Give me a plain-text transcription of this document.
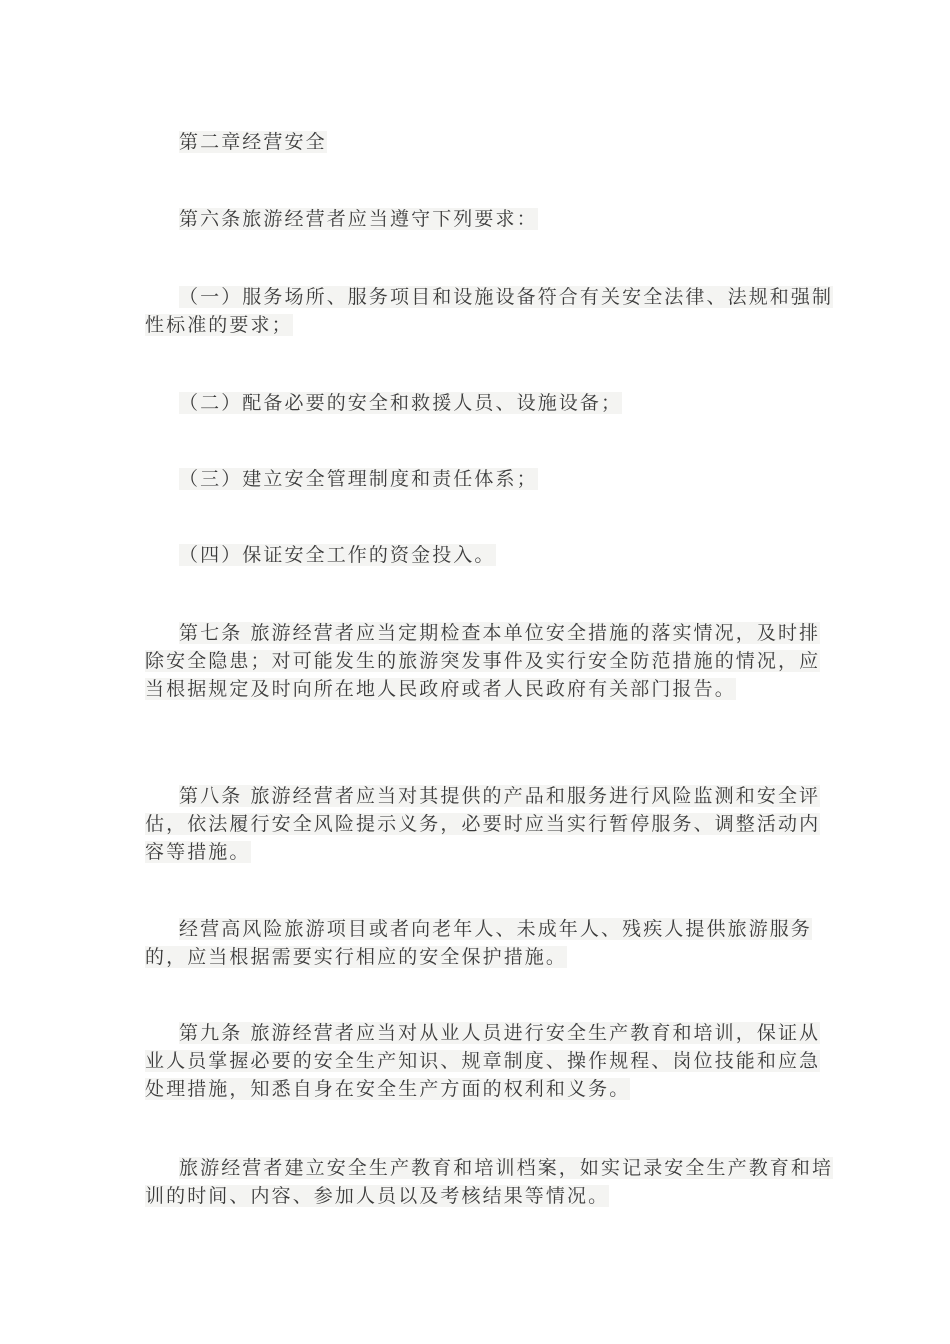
第二章经营安全

第六条旅游经营者应当遵守下列要求：

（一）服务场所、服务项目和设施设备符合有关安全法律、法规和强制性标准的要求；

（二）配备必要的安全和救援人员、设施设备；

（三）建立安全管理制度和责任体系；

（四）保证安全工作的资金投入。

第七条 旅游经营者应当定期检查本单位安全措施的落实情况，及时排除安全隐患；对可能发生的旅游突发事件及实行安全防范措施的情况，应当根据规定及时向所在地人民政府或者人民政府有关部门报告。

第八条 旅游经营者应当对其提供的产品和服务进行风险监测和安全评估，依法履行安全风险提示义务，必要时应当实行暂停服务、调整活动内容等措施。

经营高风险旅游项目或者向老年人、未成年人、残疾人提供旅游服务的，应当根据需要实行相应的安全保护措施。

第九条 旅游经营者应当对从业人员进行安全生产教育和培训，保证从业人员掌握必要的安全生产知识、规章制度、操作规程、岗位技能和应急处理措施，知悉自身在安全生产方面的权利和义务。

旅游经营者建立安全生产教育和培训档案，如实记录安全生产教育和培训的时间、内容、参加人员以及考核结果等情况。
